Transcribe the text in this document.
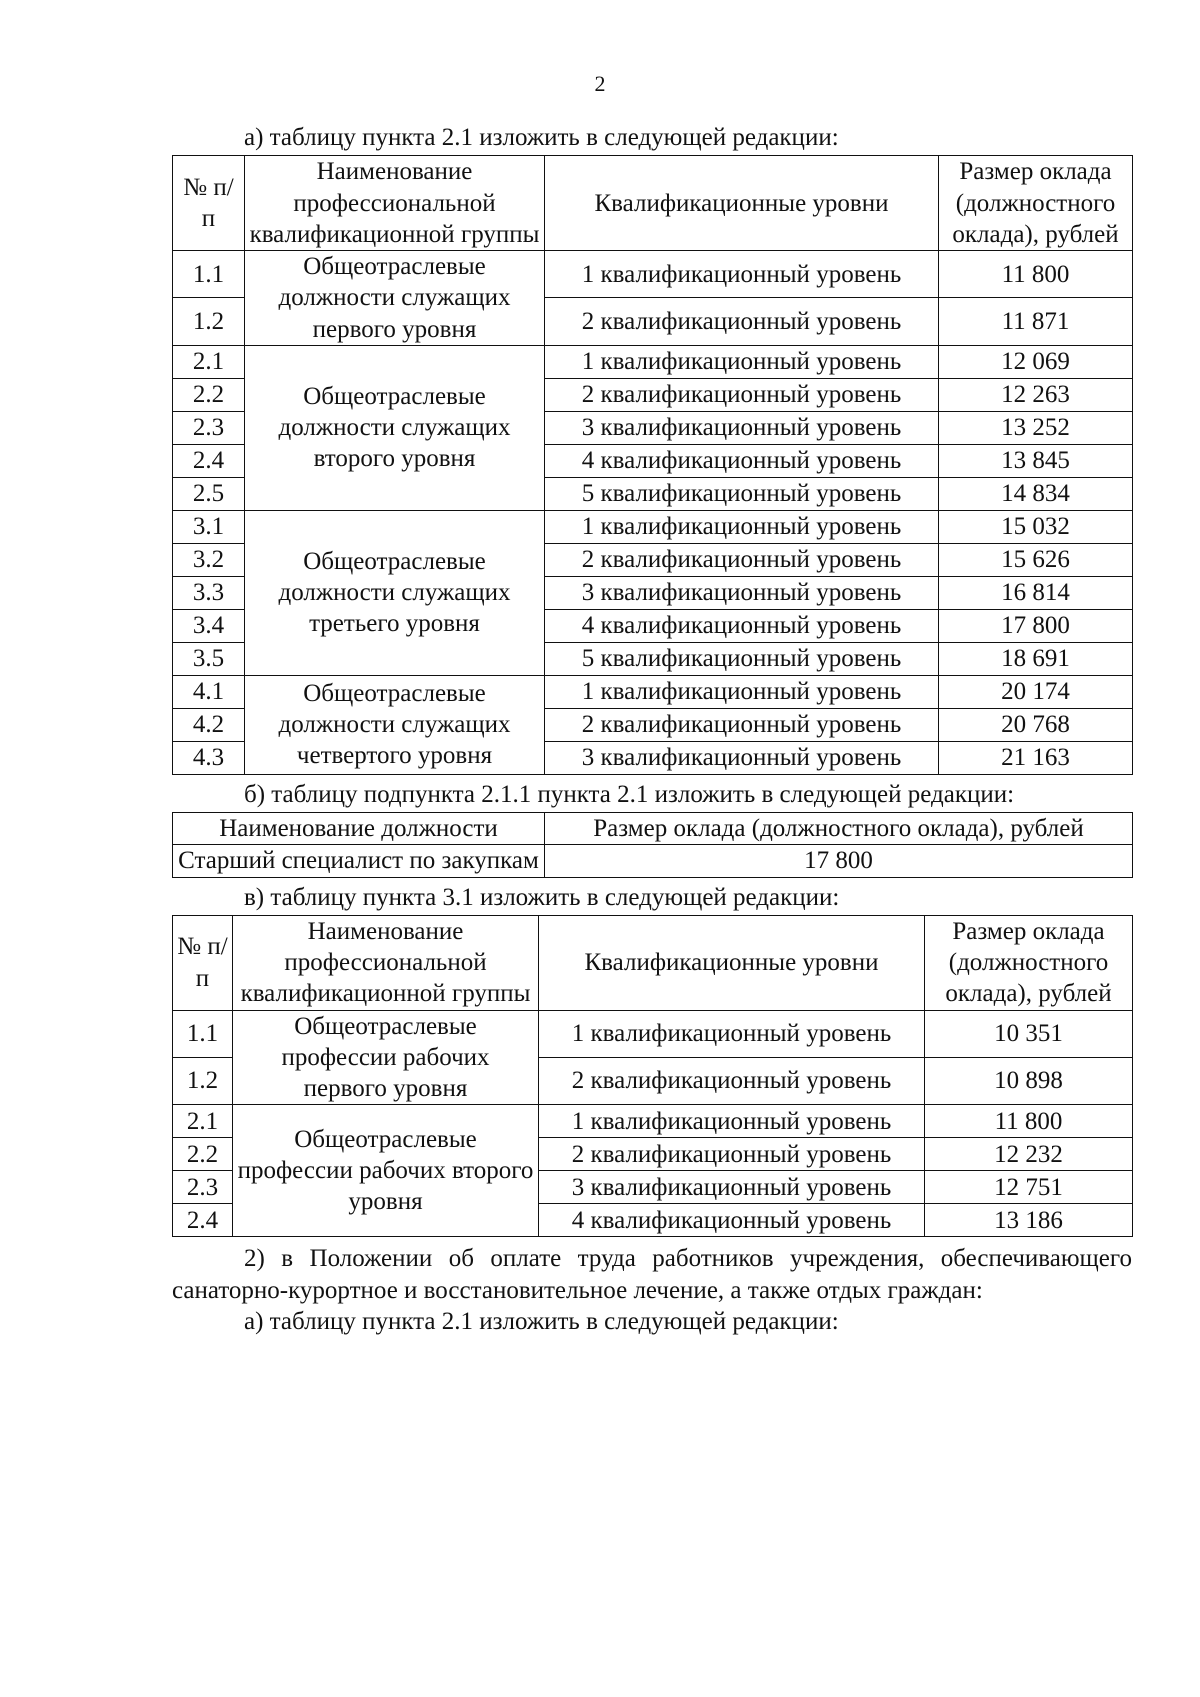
2

а) таблицу пункта 2.1 изложить в следующей редакции:

№ п/п	Наименование профессиональной квалификационной группы	Квалификационные уровни	Размер оклада (должностного оклада), рублей
1.1	Общеотраслевые должности служащих первого уровня	1 квалификационный уровень	11 800
1.2		2 квалификационный уровень	11 871
2.1	Общеотраслевые должности служащих второго уровня	1 квалификационный уровень	12 069
2.2		2 квалификационный уровень	12 263
2.3		3 квалификационный уровень	13 252
2.4		4 квалификационный уровень	13 845
2.5		5 квалификационный уровень	14 834
3.1	Общеотраслевые должности служащих третьего уровня	1 квалификационный уровень	15 032
3.2		2 квалификационный уровень	15 626
3.3		3 квалификационный уровень	16 814
3.4		4 квалификационный уровень	17 800
3.5		5 квалификационный уровень	18 691
4.1	Общеотраслевые должности служащих четвертого уровня	1 квалификационный уровень	20 174
4.2		2 квалификационный уровень	20 768
4.3		3 квалификационный уровень	21 163

б) таблицу подпункта 2.1.1 пункта 2.1 изложить в следующей редакции:

Наименование должности	Размер оклада (должностного оклада), рублей
Старший специалист по закупкам	17 800

в) таблицу пункта 3.1 изложить в следующей редакции:

№ п/п	Наименование профессиональной квалификационной группы	Квалификационные уровни	Размер оклада (должностного оклада), рублей
1.1	Общеотраслевые профессии рабочих первого уровня	1 квалификационный уровень	10 351
1.2		2 квалификационный уровень	10 898
2.1	Общеотраслевые профессии рабочих второго уровня	1 квалификационный уровень	11 800
2.2		2 квалификационный уровень	12 232
2.3		3 квалификационный уровень	12 751
2.4		4 квалификационный уровень	13 186

2) в Положении об оплате труда работников учреждения, обеспечивающего санаторно-курортное и восстановительное лечение, а также отдых граждан:

а) таблицу пункта 2.1 изложить в следующей редакции:
